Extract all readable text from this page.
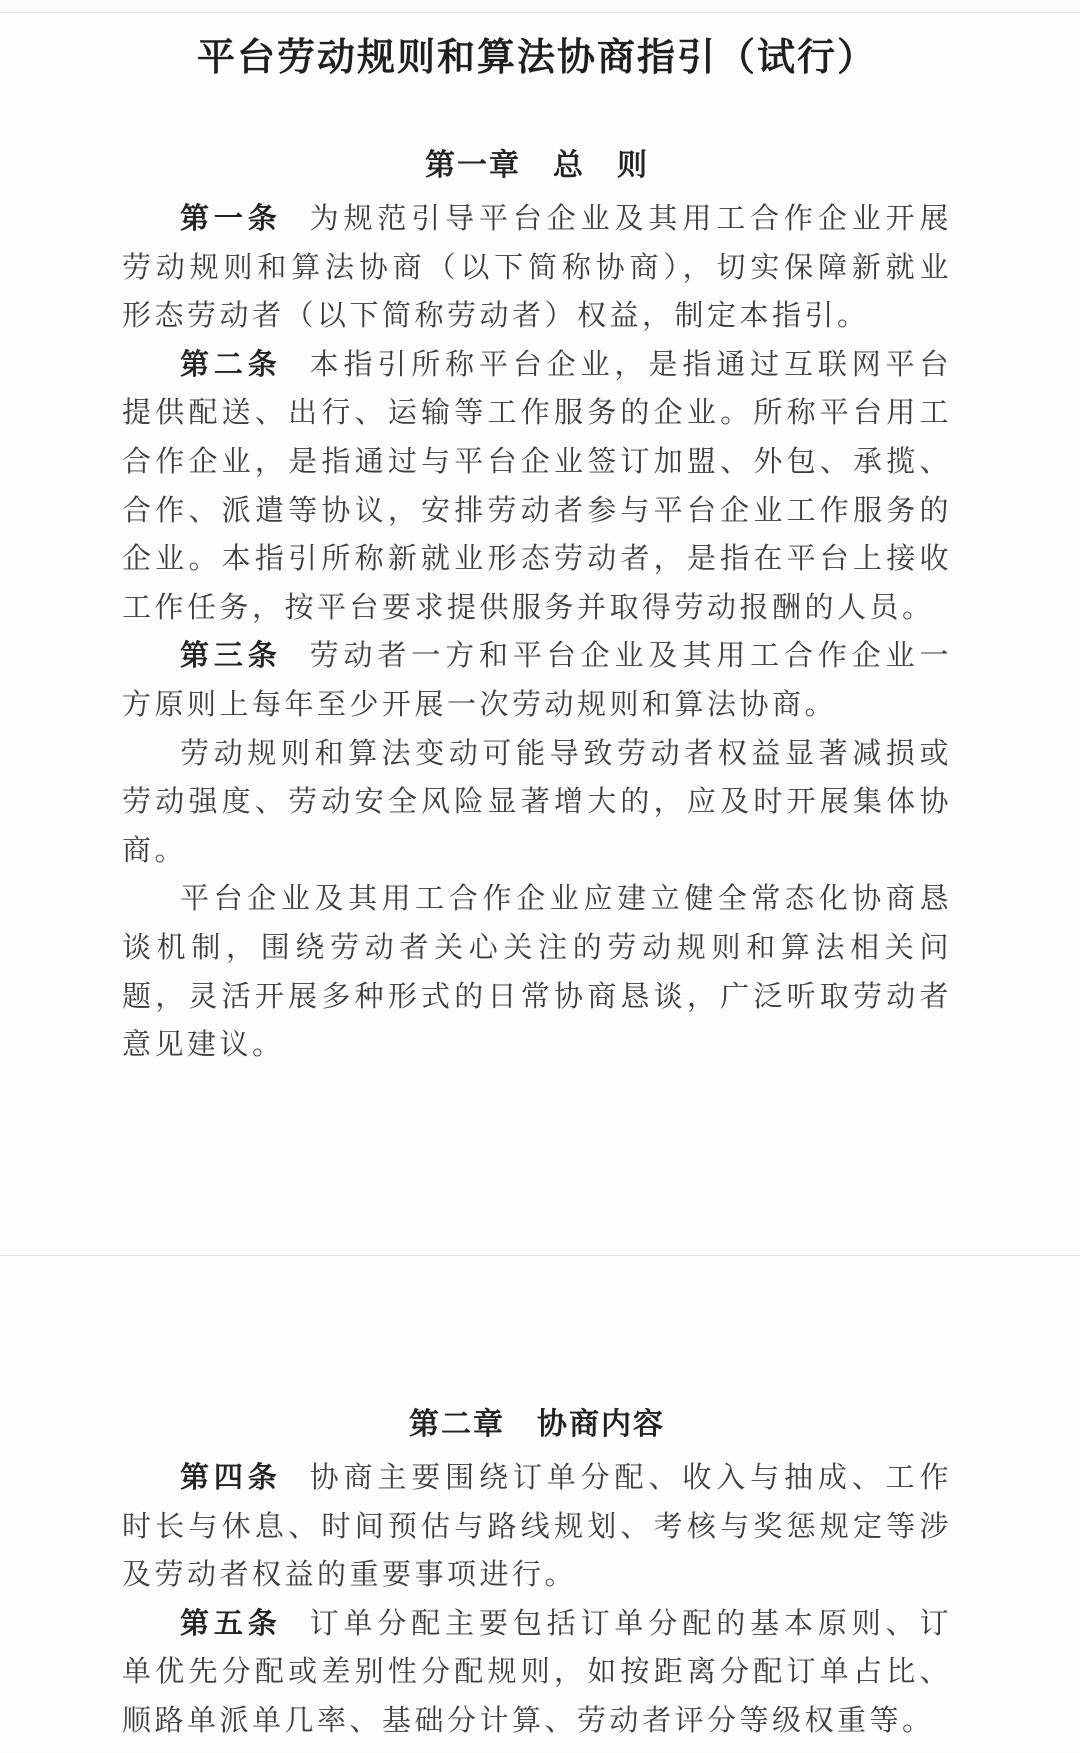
平台劳动规则和算法协商指引（试行）
第一章　总　则

第一条 为规范引导平台企业及其用工合作企业开展劳动规则和算法协商（以下简称协商），切实保障新就业形态劳动者（以下简称劳动者）权益，制定本指引。

第二条 本指引所称平台企业，是指通过互联网平台提供配送、出行、运输等工作服务的企业。所称平台用工合作企业，是指通过与平台企业签订加盟、外包、承揽、合作、派遣等协议，安排劳动者参与平台企业工作服务的企业。本指引所称新就业形态劳动者，是指在平台上接收工作任务，按平台要求提供服务并取得劳动报酬的人员。

第三条 劳动者一方和平台企业及其用工合作企业一方原则上每年至少开展一次劳动规则和算法协商。

劳动规则和算法变动可能导致劳动者权益显著减损或劳动强度、劳动安全风险显著增大的，应及时开展集体协商。

平台企业及其用工合作企业应建立健全常态化协商恳谈机制，围绕劳动者关心关注的劳动规则和算法相关问题，灵活开展多种形式的日常协商恳谈，广泛听取劳动者意见建议。

第二章　协商内容

第四条 协商主要围绕订单分配、收入与抽成、工作时长与休息、时间预估与路线规划、考核与奖惩规定等涉及劳动者权益的重要事项进行。

第五条 订单分配主要包括订单分配的基本原则、订单优先分配或差别性分配规则，如按距离分配订单占比、顺路单派单几率、基础分计算、劳动者评分等级权重等。
